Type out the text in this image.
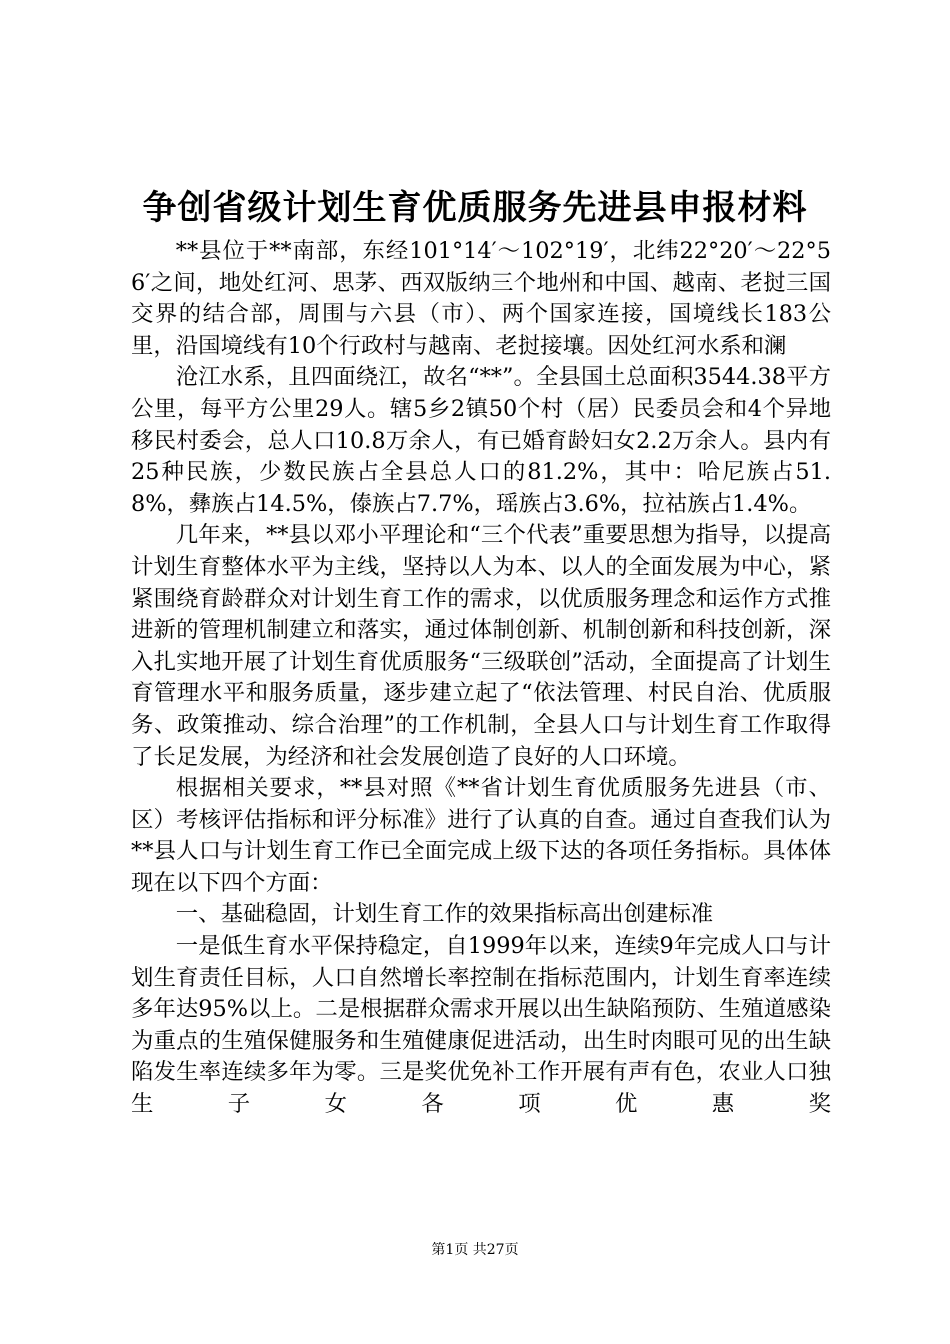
争创省级计划生育优质服务先进县申报材料

**县位于**南部，东经101°14′～102°19′，北纬22°20′～22°56′之间，地处红河、思茅、西双版纳三个地州和中国、越南、老挝三国交界的结合部，周围与六县（市）、两个国家连接，国境线长183公里，沿国境线有10个行政村与越南、老挝接壤。因处红河水系和澜

沧江水系，且四面绕江，故名“**”。全县国土总面积3544.38平方公里，每平方公里29人。辖5乡2镇50个村（居）民委员会和4个异地移民村委会，总人口10.8万余人，有已婚育龄妇女2.2万余人。县内有25种民族，少数民族占全县总人口的81.2%，其中：哈尼族占51.8%，彝族占14.5%，傣族占7.7%，瑶族占3.6%，拉祜族占1.4%。

几年来，**县以邓小平理论和“三个代表”重要思想为指导，以提高计划生育整体水平为主线，坚持以人为本、以人的全面发展为中心，紧紧围绕育龄群众对计划生育工作的需求，以优质服务理念和运作方式推进新的管理机制建立和落实，通过体制创新、机制创新和科技创新，深入扎实地开展了计划生育优质服务“三级联创”活动，全面提高了计划生育管理水平和服务质量，逐步建立起了“依法管理、村民自治、优质服务、政策推动、综合治理”的工作机制，全县人口与计划生育工作取得了长足发展，为经济和社会发展创造了良好的人口环境。

根据相关要求，**县对照《**省计划生育优质服务先进县（市、区）考核评估指标和评分标准》进行了认真的自查。通过自查我们认为**县人口与计划生育工作已全面完成上级下达的各项任务指标。具体体现在以下四个方面：

一、基础稳固，计划生育工作的效果指标高出创建标准

一是低生育水平保持稳定，自1999年以来，连续9年完成人口与计划生育责任目标，人口自然增长率控制在指标范围内，计划生育率连续多年达95%以上。二是根据群众需求开展以出生缺陷预防、生殖道感染为重点的生殖保健服务和生殖健康促进活动，出生时肉眼可见的出生缺陷发生率连续多年为零。三是奖优免补工作开展有声有色，农业人口独生子女各项优惠奖

第1页 共27页
